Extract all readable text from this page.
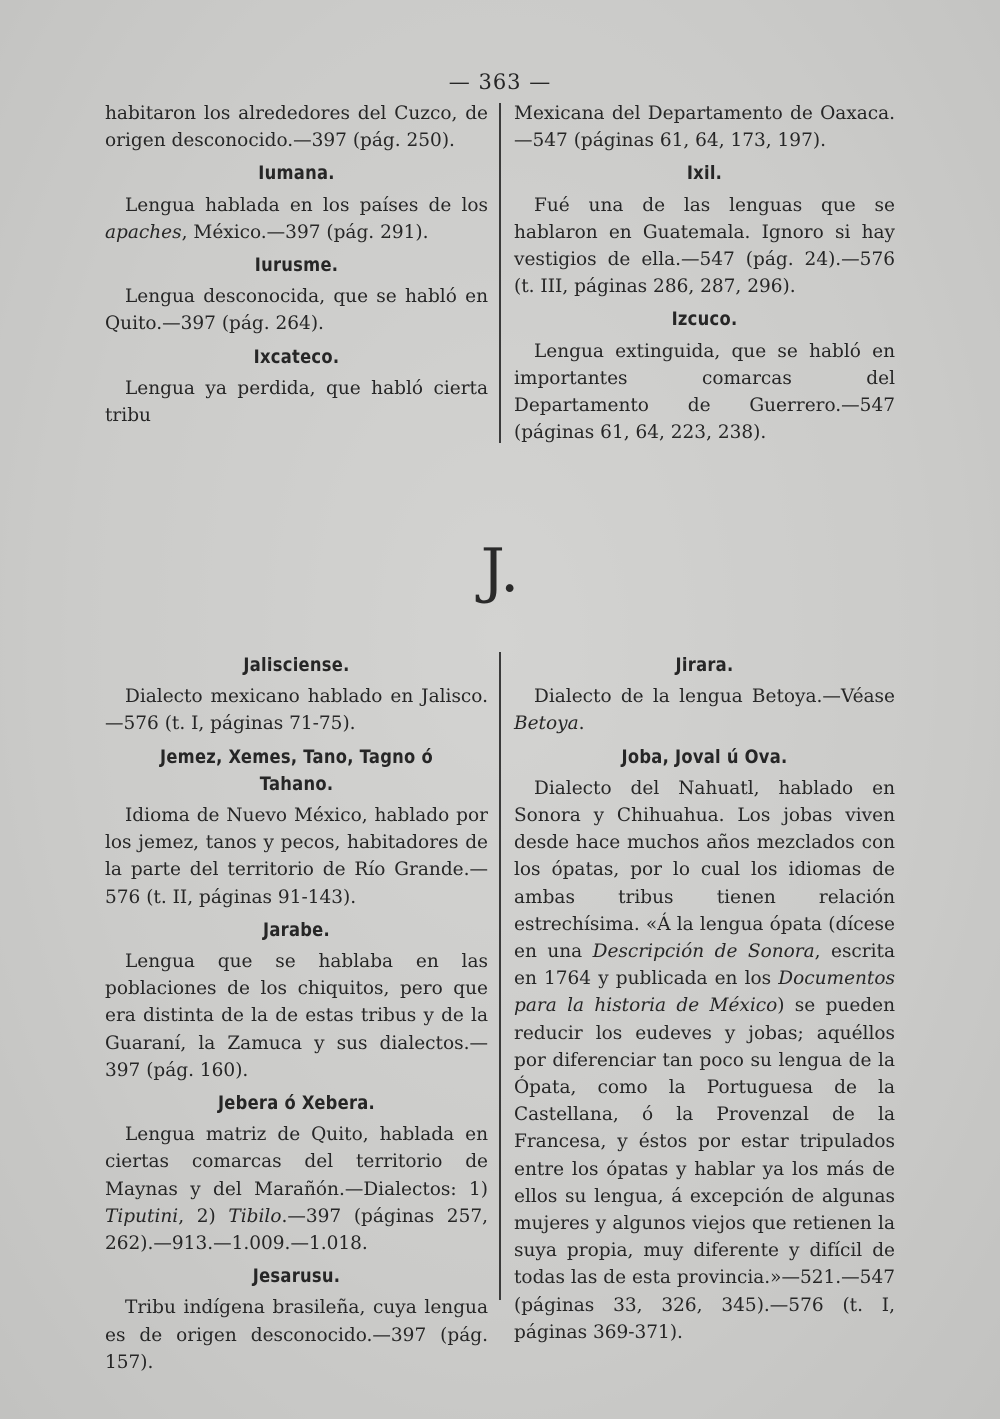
— 363 —

habitaron los alrededores del Cuzco, de origen desconocido.—397 (pág. 250).

Iumana.

Lengua hablada en los países de los apaches, México.—397 (pág. 291).

Iurusme.

Lengua desconocida, que se habló en Quito.—397 (pág. 264).

Ixcateco.

Lengua ya perdida, que habló cierta tribu

Mexicana del Departamento de Oaxaca.—547 (páginas 61, 64, 173, 197).

Ixil.

Fué una de las lenguas que se hablaron en Guatemala. Ignoro si hay vestigios de ella.—547 (pág. 24).—576 (t. III, páginas 286, 287, 296).

Izcuco.

Lengua extinguida, que se habló en importantes comarcas del Departamento de Guerrero.—547 (páginas 61, 64, 223, 238).

J.
Jalisciense.

Dialecto mexicano hablado en Jalisco.—576 (t. I, páginas 71-75).

Jemez, Xemes, Tano, Tagno ó Tahano.

Idioma de Nuevo México, hablado por los jemez, tanos y pecos, habitadores de la parte del territorio de Río Grande.—576 (t. II, páginas 91-143).

Jarabe.

Lengua que se hablaba en las poblaciones de los chiquitos, pero que era distinta de la de estas tribus y de la Guaraní, la Zamuca y sus dialectos.—397 (pág. 160).

Jebera ó Xebera.

Lengua matriz de Quito, hablada en ciertas comarcas del territorio de Maynas y del Marañón.—Dialectos: 1) Tiputini, 2) Tibilo.—397 (páginas 257, 262).—913.—1.009.—1.018.

Jesarusu.

Tribu indígena brasileña, cuya lengua es de origen desconocido.—397 (pág. 157).

Jirara.

Dialecto de la lengua Betoya.—Véase Betoya.

Joba, Joval ú Ova.

Dialecto del Nahuatl, hablado en Sonora y Chihuahua. Los jobas viven desde hace muchos años mezclados con los ópatas, por lo cual los idiomas de ambas tribus tienen relación estrechísima. «Á la lengua ópata (dícese en una Descripción de Sonora, escrita en 1764 y publicada en los Documentos para la historia de México) se pueden reducir los eudeves y jobas; aquéllos por diferenciar tan poco su lengua de la Ópata, como la Portuguesa de la Castellana, ó la Provenzal de la Francesa, y éstos por estar tripulados entre los ópatas y hablar ya los más de ellos su lengua, á excepción de algunas mujeres y algunos viejos que retienen la suya propia, muy diferente y difícil de todas las de esta provincia.»—521.—547 (páginas 33, 326, 345).—576 (t. I, páginas 369-371).
